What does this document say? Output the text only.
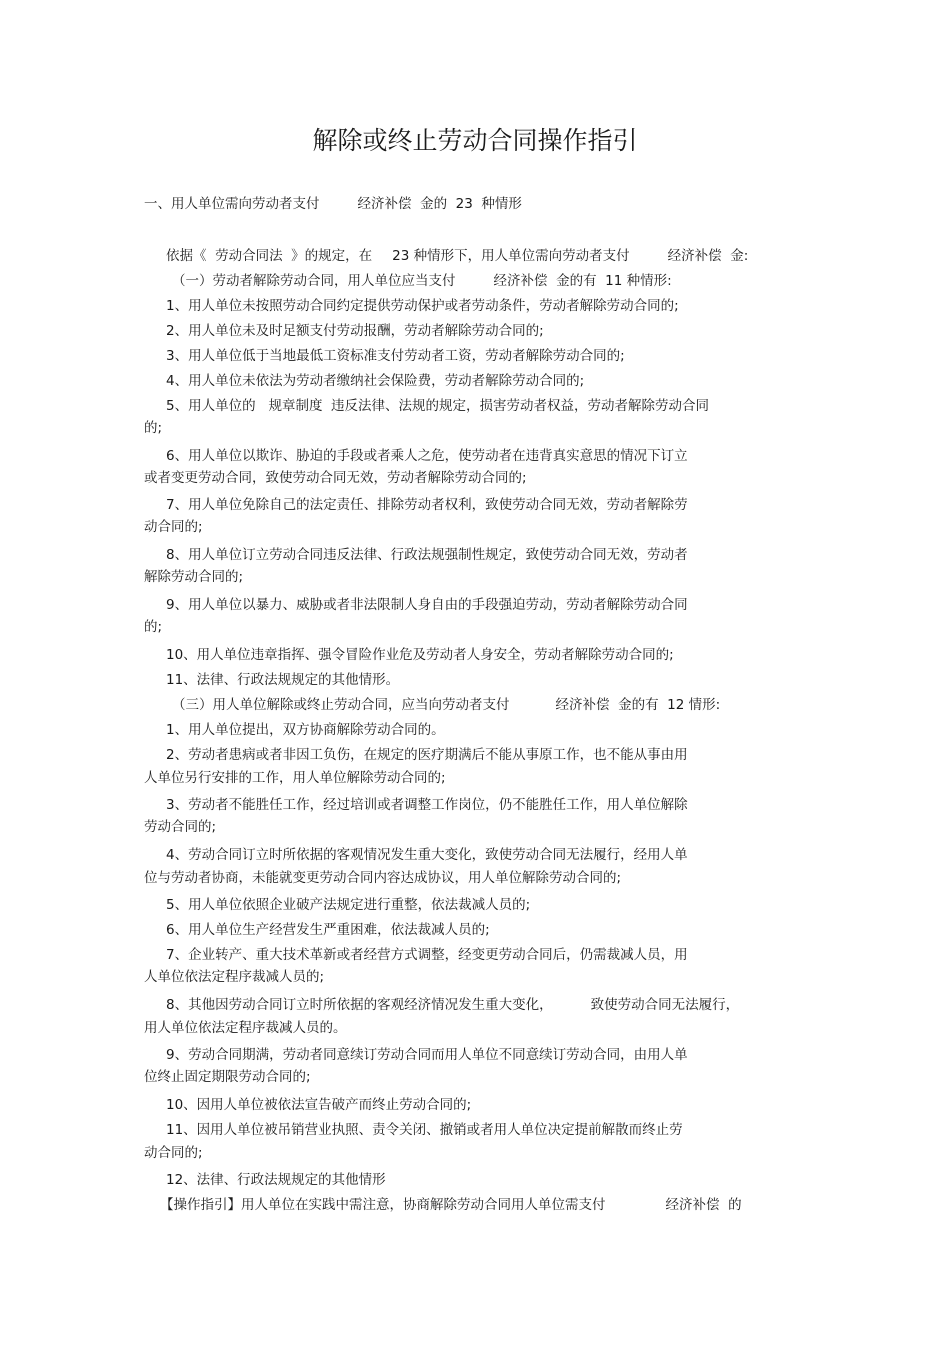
解除或终止劳动合同操作指引
一、用人单位需向劳动者支付	经济补偿  金的  23  种情形
依据《  劳动合同法  》的规定，在 23 种情形下，用人单位需向劳动者支付	经济补偿  金:
（一）劳动者解除劳动合同，用人单位应当支付	经济补偿  金的有  11 种情形:
1、用人单位未按照劳动合同约定提供劳动保护或者劳动条件，劳动者解除劳动合同的;
2、用人单位未及时足额支付劳动报酬，劳动者解除劳动合同的;
3、用人单位低于当地最低工资标准支付劳动者工资，劳动者解除劳动合同的;
4、用人单位未依法为劳动者缴纳社会保险费，劳动者解除劳动合同的;
5、用人单位的   规章制度  违反法律、法规的规定，损害劳动者权益，劳动者解除劳动合同
的;
6、用人单位以欺诈、胁迫的手段或者乘人之危，使劳动者在违背真实意思的情况下订立
或者变更劳动合同，致使劳动合同无效，劳动者解除劳动合同的;
7、用人单位免除自己的法定责任、排除劳动者权利，致使劳动合同无效，劳动者解除劳
动合同的;
8、用人单位订立劳动合同违反法律、行政法规强制性规定，致使劳动合同无效，劳动者
解除劳动合同的;
9、用人单位以暴力、威胁或者非法限制人身自由的手段强迫劳动，劳动者解除劳动合同
的;
10、用人单位违章指挥、强令冒险作业危及劳动者人身安全，劳动者解除劳动合同的;
11、法律、行政法规规定的其他情形。
（三）用人单位解除或终止劳动合同，应当向劳动者支付	经济补偿  金的有  12 情形:
1、用人单位提出，双方协商解除劳动合同的。
2、劳动者患病或者非因工负伤，在规定的医疗期满后不能从事原工作，也不能从事由用
人单位另行安排的工作，用人单位解除劳动合同的;
3、劳动者不能胜任工作，经过培训或者调整工作岗位，仍不能胜任工作，用人单位解除
劳动合同的;
4、劳动合同订立时所依据的客观情况发生重大变化，致使劳动合同无法履行，经用人单
位与劳动者协商，未能就变更劳动合同内容达成协议，用人单位解除劳动合同的;
5、用人单位依照企业破产法规定进行重整，依法裁减人员的;
6、用人单位生产经营发生严重困难，依法裁减人员的;
7、企业转产、重大技术革新或者经营方式调整，经变更劳动合同后，仍需裁减人员，用
人单位依法定程序裁减人员的;
8、其他因劳动合同订立时所依据的客观经济情况发生重大变化，	致使劳动合同无法履行，
用人单位依法定程序裁减人员的。
9、劳动合同期满，劳动者同意续订劳动合同而用人单位不同意续订劳动合同，由用人单
位终止固定期限劳动合同的;
10、因用人单位被依法宣告破产而终止劳动合同的;
11、因用人单位被吊销营业执照、责令关闭、撤销或者用人单位决定提前解散而终止劳
动合同的;
12、法律、行政法规规定的其他情形
【操作指引】用人单位在实践中需注意，协商解除劳动合同用人单位需支付	经济补偿  的
